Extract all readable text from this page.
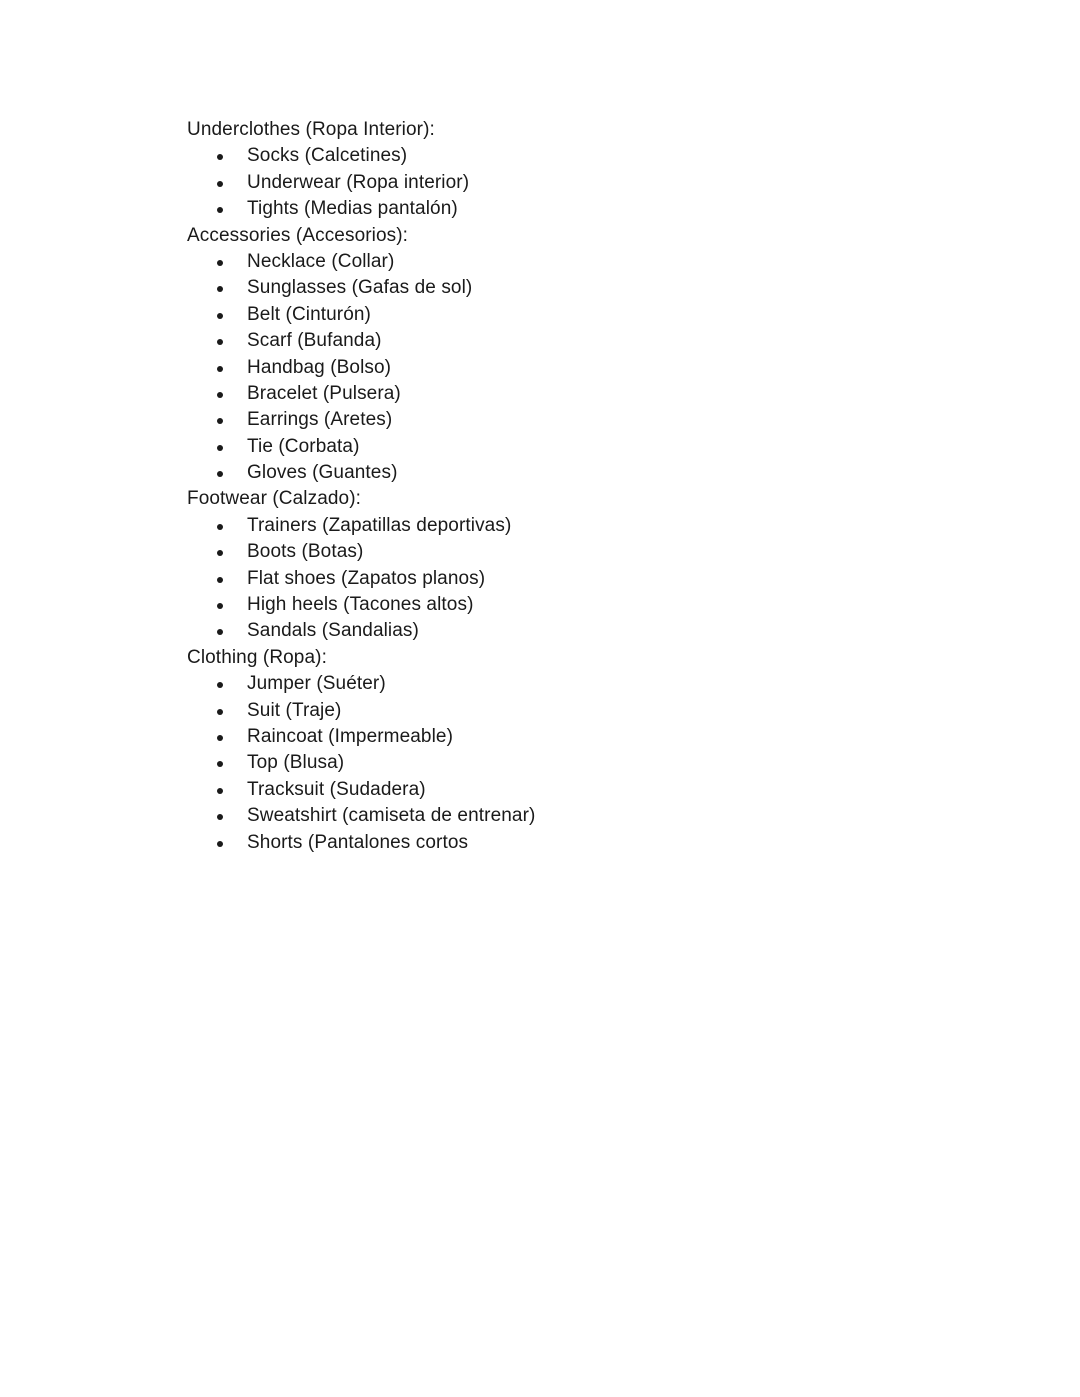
Underclothes (Ropa Interior):
Socks (Calcetines)
Underwear (Ropa interior)
Tights (Medias pantalón)
Accessories (Accesorios):
Necklace (Collar)
Sunglasses (Gafas de sol)
Belt (Cinturón)
Scarf (Bufanda)
Handbag (Bolso)
Bracelet (Pulsera)
Earrings (Aretes)
Tie (Corbata)
Gloves (Guantes)
Footwear (Calzado):
Trainers (Zapatillas deportivas)
Boots (Botas)
Flat shoes (Zapatos planos)
High heels (Tacones altos)
Sandals (Sandalias)
Clothing (Ropa):
Jumper (Suéter)
Suit (Traje)
Raincoat (Impermeable)
Top (Blusa)
Tracksuit (Sudadera)
Sweatshirt (camiseta de entrenar)
Shorts (Pantalones cortos
